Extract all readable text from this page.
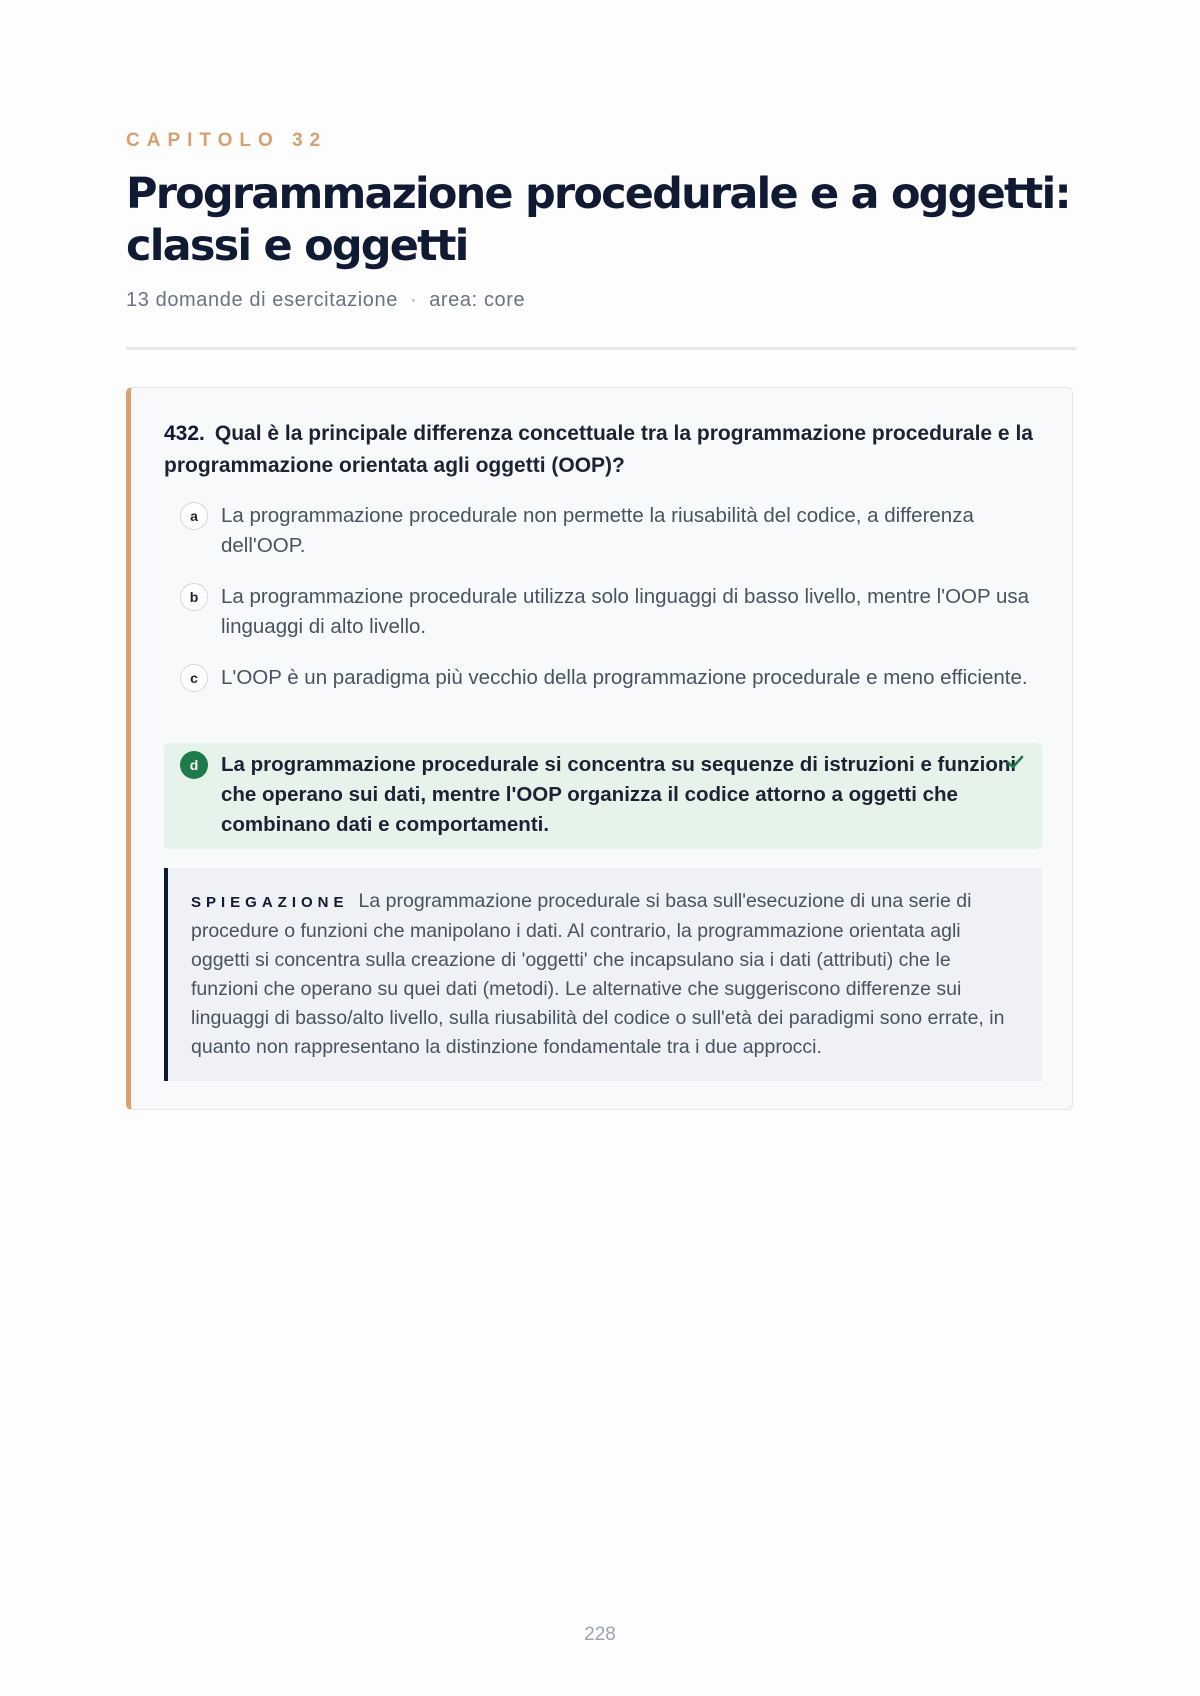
CAPITOLO 32
Programmazione procedurale e a oggetti: classi e oggetti
13 domande di esercitazione · area: core

432. Qual è la principale differenza concettuale tra la programmazione procedurale e la programmazione orientata agli oggetti (OOP)?

a	La programmazione procedurale non permette la riusabilità del codice, a differenza dell'OOP.
b	La programmazione procedurale utilizza solo linguaggi di basso livello, mentre l'OOP usa linguaggi di alto livello.
c	L'OOP è un paradigma più vecchio della programmazione procedurale e meno efficiente.
d	La programmazione procedurale si concentra su sequenze di istruzioni e funzioni che operano sui dati, mentre l'OOP organizza il codice attorno a oggetti che combinano dati e comportamenti.
SPIEGAZIONE La programmazione procedurale si basa sull'esecuzione di una serie di procedure o funzioni che manipolano i dati. Al contrario, la programmazione orientata agli oggetti si concentra sulla creazione di 'oggetti' che incapsulano sia i dati (attributi) che le funzioni che operano su quei dati (metodi). Le alternative che suggeriscono differenze sui linguaggi di basso/alto livello, sulla riusabilità del codice o sull'età dei paradigmi sono errate, in quanto non rappresentano la distinzione fondamentale tra i due approcci.
228
